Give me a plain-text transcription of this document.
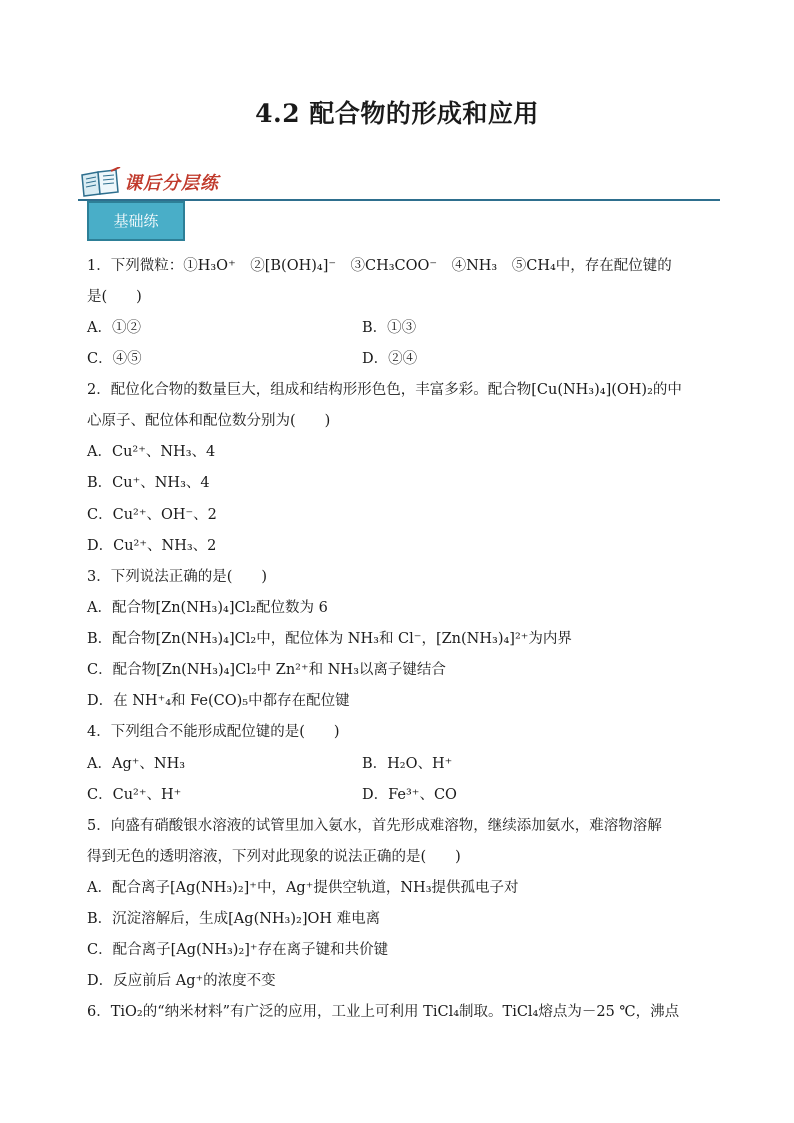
4.2 配合物的形成和应用
课后分层练
基础练
1．下列微粒：①H₃O⁺　②[B(OH)₄]⁻　③CH₃COO⁻　④NH₃　⑤CH₄中，存在配位键的
是(　　)
A．①②	B．①③
C．④⑤	D．②④
2．配位化合物的数量巨大，组成和结构形形色色，丰富多彩。配合物[Cu(NH₃)₄](OH)₂的中
心原子、配位体和配位数分别为(　　)
A．Cu²⁺、NH₃、4
B．Cu⁺、NH₃、4
C．Cu²⁺、OH⁻、2
D．Cu²⁺、NH₃、2
3．下列说法正确的是(　　)
A．配合物[Zn(NH₃)₄]Cl₂配位数为 6
B．配合物[Zn(NH₃)₄]Cl₂中，配位体为 NH₃和 Cl⁻，[Zn(NH₃)₄]²⁺为内界
C．配合物[Zn(NH₃)₄]Cl₂中 Zn²⁺和 NH₃以离子键结合
D．在 NH⁺₄和 Fe(CO)₅中都存在配位键
4．下列组合不能形成配位键的是(　　)
A．Ag⁺、NH₃	B．H₂O、H⁺
C．Cu²⁺、H⁺	D．Fe³⁺、CO
5．向盛有硝酸银水溶液的试管里加入氨水，首先形成难溶物，继续添加氨水，难溶物溶解
得到无色的透明溶液，下列对此现象的说法正确的是(　　)
A．配合离子[Ag(NH₃)₂]⁺中，Ag⁺提供空轨道，NH₃提供孤电子对
B．沉淀溶解后，生成[Ag(NH₃)₂]OH 难电离
C．配合离子[Ag(NH₃)₂]⁺存在离子键和共价键
D．反应前后 Ag⁺的浓度不变
6．TiO₂的“纳米材料”有广泛的应用，工业上可利用 TiCl₄制取。TiCl₄熔点为－25 ℃，沸点
